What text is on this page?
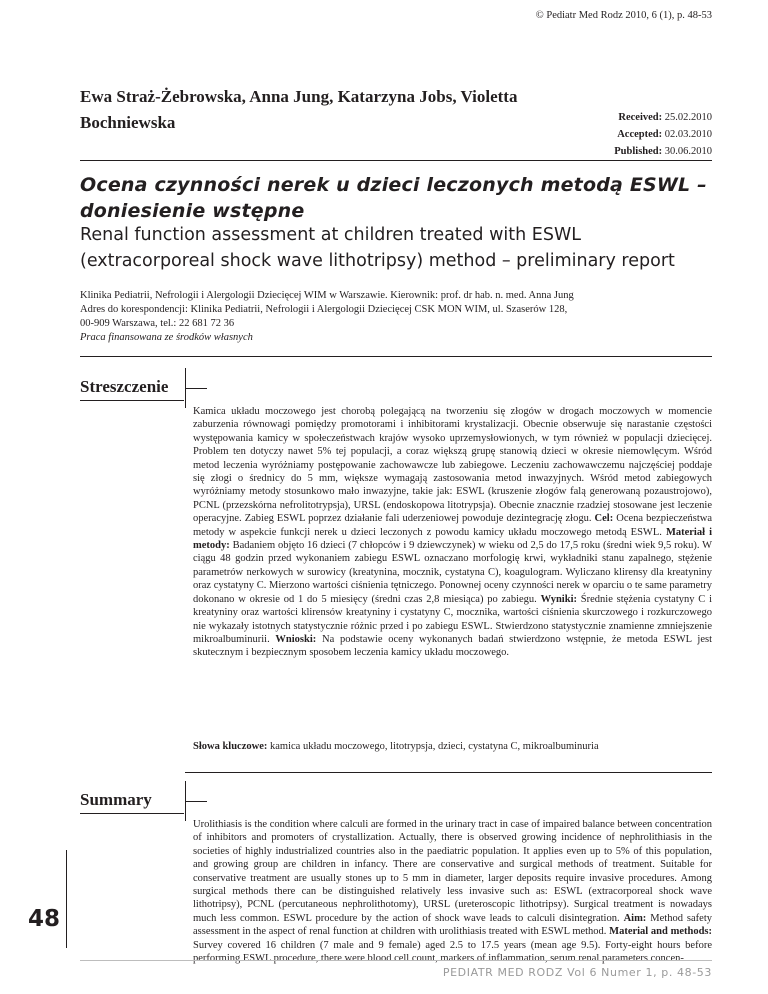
© Pediatr Med Rodz 2010, 6 (1), p. 48-53

Ewa Straż-Żebrowska, Anna Jung, Katarzyna Jobs, Violetta Bochniewska	Received: 25.02.2010
Accepted: 02.03.2010
Published: 30.06.2010
Ocena czynności nerek u dzieci leczonych metodą ESWL – doniesienie wstępne
Renal function assessment at children treated with ESWL (extracorporeal shock wave lithotripsy) method – preliminary report
Klinika Pediatrii, Nefrologii i Alergologii Dziecięcej WIM w Warszawie. Kierownik: prof. dr hab. n. med. Anna Jung
Adres do korespondencji: Klinika Pediatrii, Nefrologii i Alergologii Dziecięcej CSK MON WIM, ul. Szaserów 128,
00-909 Warszawa, tel.: 22 681 72 36
Praca finansowana ze środków własnych
Streszczenie

Kamica układu moczowego jest chorobą polegającą na tworzeniu się złogów w drogach moczowych w momencie zaburzenia równowagi pomiędzy promotorami i inhibitorami krystalizacji. Obecnie obserwuje się narastanie częstości występowania kamicy w społeczeństwach krajów wysoko uprzemysłowionych, w tym również w populacji dziecięcej. Problem ten dotyczy nawet 5% tej populacji, a coraz większą grupę stanowią dzieci w okresie niemowlęcym. Wśród metod leczenia wyróżniamy postępowanie zachowawcze lub zabiegowe. Leczeniu zachowawczemu najczęściej poddaje się złogi o średnicy do 5 mm, większe wymagają zastosowania metod inwazyjnych. Wśród metod zabiegowych wyróżniamy metody stosunkowo mało inwazyjne, takie jak: ESWL (kruszenie złogów falą generowaną pozaustrojowo), PCNL (przezskórna nefrolitotrypsja), URSL (endoskopowa litotrypsja). Obecnie znacznie rzadziej stosowane jest leczenie operacyjne. Zabieg ESWL poprzez działanie fali uderzeniowej powoduje dezintegrację złogu. Cel: Ocena bezpieczeństwa metody w aspekcie funkcji nerek u dzieci leczonych z powodu kamicy układu moczowego metodą ESWL. Materiał i metody: Badaniem objęto 16 dzieci (7 chłopców i 9 dziewczynek) w wieku od 2,5 do 17,5 roku (średni wiek 9,5 roku). W ciągu 48 godzin przed wykonaniem zabiegu ESWL oznaczano morfologię krwi, wykładniki stanu zapalnego, stężenie parametrów nerkowych w surowicy (kreatynina, mocznik, cystatyna C), koagulogram. Wyliczano klirensy dla kreatyniny oraz cystatyny C. Mierzono wartości ciśnienia tętniczego. Ponownej oceny czynności nerek w oparciu o te same parametry dokonano w okresie od 1 do 5 miesięcy (średni czas 2,8 miesiąca) po zabiegu. Wyniki: Średnie stężenia cystatyny C i kreatyniny oraz wartości klirensów kreatyniny i cystatyny C, mocznika, wartości ciśnienia skurczowego i rozkurczowego nie wykazały istotnych statystycznie różnic przed i po zabiegu ESWL. Stwierdzono statystycznie znamienne zmniejszenie mikroalbuminurii. Wnioski: Na podstawie oceny wykonanych badań stwierdzono wstępnie, że metoda ESWL jest skutecznym i bezpiecznym sposobem leczenia kamicy układu moczowego.

Słowa kluczowe: kamica układu moczowego, litotrypsja, dzieci, cystatyna C, mikroalbuminuria

Summary

Urolithiasis is the condition where calculi are formed in the urinary tract in case of impaired balance between concentration of inhibitors and promoters of crystallization. Actually, there is observed growing incidence of nephrolithiasis in the societies of highly industrialized countries also in the paediatric population. It applies even up to 5% of this population, and growing group are children in infancy. There are conservative and surgical methods of treatment. Suitable for conservative treatment are usually stones up to 5 mm in diameter, larger deposits require invasive procedures. Among surgical methods there can be distinguished relatively less invasive such as: ESWL (extracorporeal shock wave lithotripsy), PCNL (percutaneous nephrolithotomy), URSL (ureteroscopic lithotripsy). Surgical treatment is nowadays much less common. ESWL procedure by the action of shock wave leads to calculi disintegration. Aim: Method safety assessment in the aspect of renal function at children with urolithiasis treated with ESWL method. Material and methods: Survey covered 16 children (7 male and 9 female) aged 2.5 to 17.5 years (mean age 9.5). Forty-eight hours before performing ESWL procedure, there were blood cell count, markers of inflammation, serum renal parameters concen-

48
PEDIATR MED RODZ Vol 6 Numer 1, p. 48-53
